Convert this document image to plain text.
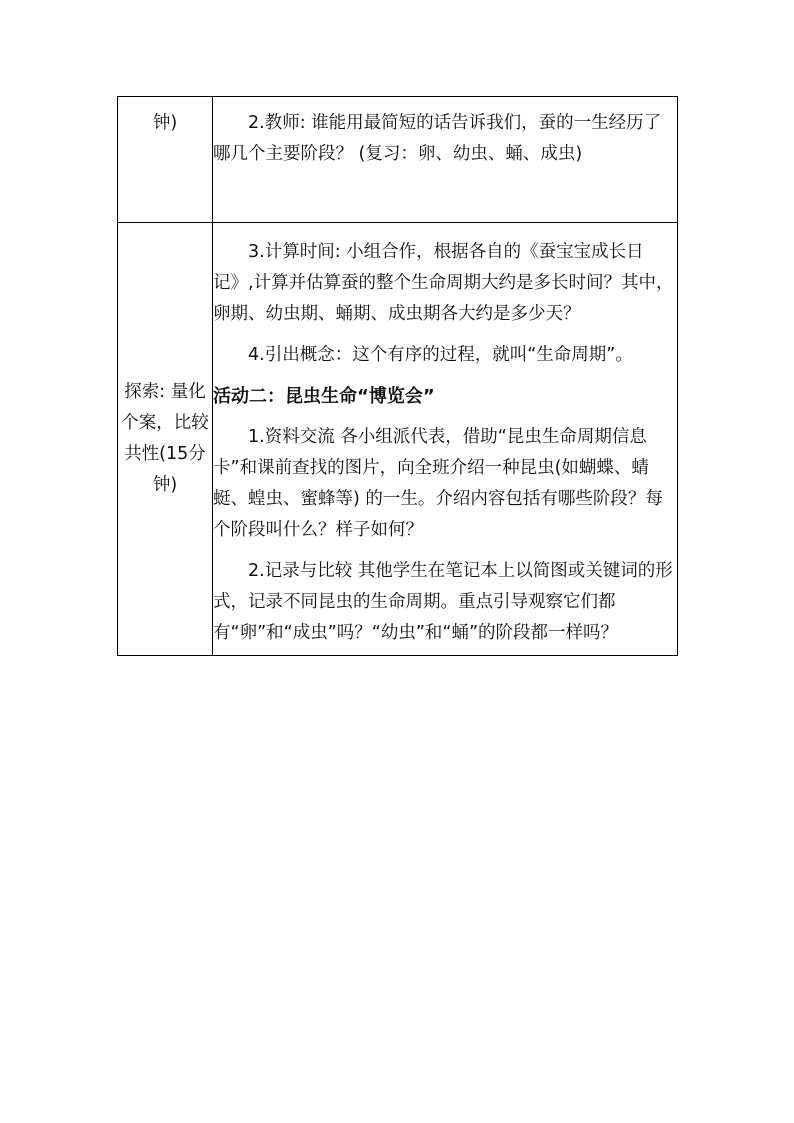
钟)	2.教师: 谁能用最简短的话告诉我们，蚕的一生经历了哪几个主要阶段？ (复习：卵、幼虫、蛹、成虫)

探索: 量化个案，比较共性(15分钟)	3.计算时间: 小组合作，根据各自的《蚕宝宝成长日记》,计算并估算蚕的整个生命周期大约是多长时间？其中，卵期、幼虫期、蛹期、成虫期各大约是多少天？

4.引出概念：这个有序的过程，就叫“生命周期”。

活动二：昆虫生命“博览会”

1.资料交流 各小组派代表，借助“昆虫生命周期信息卡”和课前查找的图片，向全班介绍一种昆虫(如蝴蝶、蜻蜓、蝗虫、蜜蜂等) 的一生。介绍内容包括有哪些阶段？每个阶段叫什么？样子如何？

2.记录与比较 其他学生在笔记本上以简图或关键词的形式，记录不同昆虫的生命周期。重点引导观察它们都有“卵”和“成虫”吗？“幼虫”和“蛹”的阶段都一样吗？
